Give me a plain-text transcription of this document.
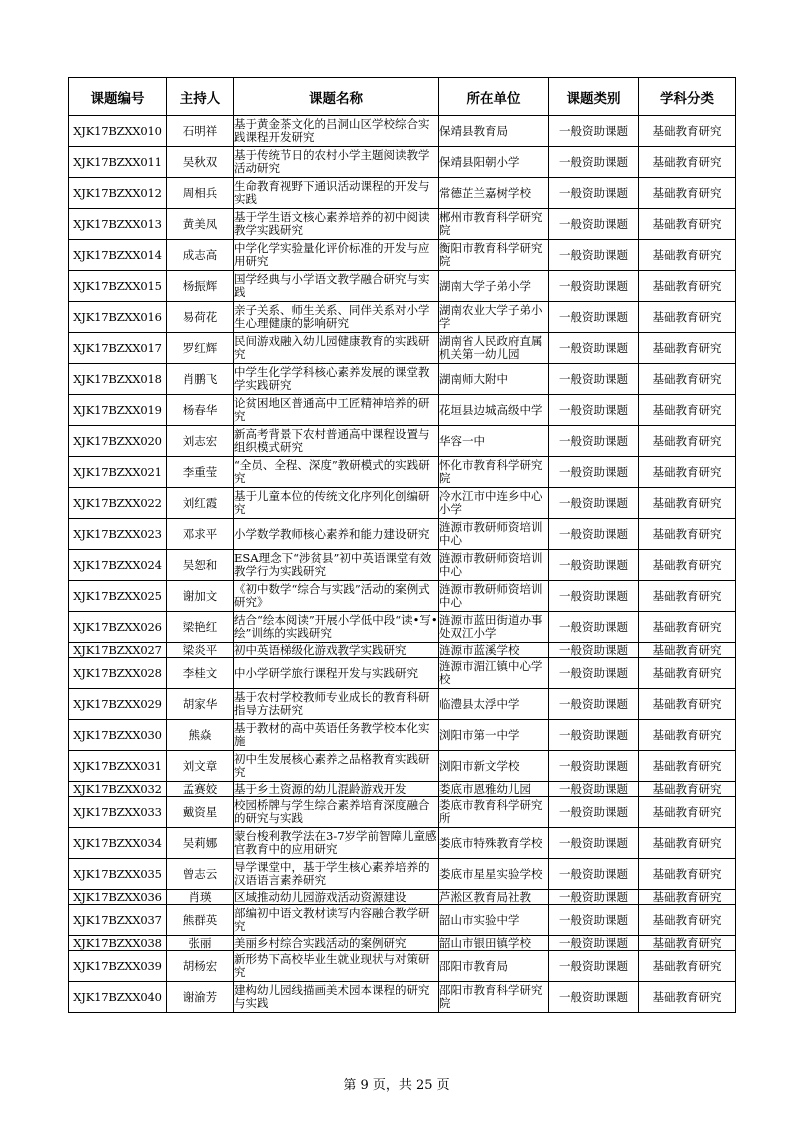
课题编号	主持人	课题名称	所在单位	课题类别	学科分类
XJK17BZXX010	石明祥	基于黄金茶文化的吕洞山区学校综合实践课程开发研究	保靖县教育局	一般资助课题	基础教育研究
XJK17BZXX011	吴秋双	基于传统节日的农村小学主题阅读教学活动研究	保靖县阳朝小学	一般资助课题	基础教育研究
XJK17BZXX012	周相兵	生命教育视野下通识活动课程的开发与实践	常德芷兰嘉树学校	一般资助课题	基础教育研究
XJK17BZXX013	黄美凤	基于学生语文核心素养培养的初中阅读教学实践研究	郴州市教育科学研究院	一般资助课题	基础教育研究
XJK17BZXX014	成志高	中学化学实验量化评价标准的开发与应用研究	衡阳市教育科学研究院	一般资助课题	基础教育研究
XJK17BZXX015	杨振辉	国学经典与小学语文教学融合研究与实践	湖南大学子弟小学	一般资助课题	基础教育研究
XJK17BZXX016	易荷花	亲子关系、师生关系、同伴关系对小学生心理健康的影响研究	湖南农业大学子弟小学	一般资助课题	基础教育研究
XJK17BZXX017	罗红辉	民间游戏融入幼儿园健康教育的实践研究	湖南省人民政府直属机关第一幼儿园	一般资助课题	基础教育研究
XJK17BZXX018	肖鹏飞	中学生化学学科核心素养发展的课堂教学实践研究	湖南师大附中	一般资助课题	基础教育研究
XJK17BZXX019	杨春华	论贫困地区普通高中工匠精神培养的研究	花垣县边城高级中学	一般资助课题	基础教育研究
XJK17BZXX020	刘志宏	新高考背景下农村普通高中课程设置与组织模式研究	华容一中	一般资助课题	基础教育研究
XJK17BZXX021	李重莹	“全员、全程、深度”教研模式的实践研究	怀化市教育科学研究院	一般资助课题	基础教育研究
XJK17BZXX022	刘红霞	基于儿童本位的传统文化序列化创编研究	冷水江市中连乡中心小学	一般资助课题	基础教育研究
XJK17BZXX023	邓求平	小学数学教师核心素养和能力建设研究	涟源市教研师资培训中心	一般资助课题	基础教育研究
XJK17BZXX024	吴恕和	ESA理念下“涉贫县”初中英语课堂有效教学行为实践研究	涟源市教研师资培训中心	一般资助课题	基础教育研究
XJK17BZXX025	谢加文	《初中数学“综合与实践”活动的案例式研究》	涟源市教研师资培训中心	一般资助课题	基础教育研究
XJK17BZXX026	梁艳红	结合“绘本阅读”开展小学低中段“读•写•绘”训练的实践研究	涟源市蓝田街道办事处双江小学	一般资助课题	基础教育研究
XJK17BZXX027	梁炎平	初中英语梯级化游戏教学实践研究	涟源市蓝溪学校	一般资助课题	基础教育研究
XJK17BZXX028	李桂文	中小学研学旅行课程开发与实践研究	涟源市湄江镇中心学校	一般资助课题	基础教育研究
XJK17BZXX029	胡家华	基于农村学校教师专业成长的教育科研指导方法研究	临澧县太浮中学	一般资助课题	基础教育研究
XJK17BZXX030	熊焱	基于教材的高中英语任务教学校本化实施	浏阳市第一中学	一般资助课题	基础教育研究
XJK17BZXX031	刘文章	初中生发展核心素养之品格教育实践研究	浏阳市新文学校	一般资助课题	基础教育研究
XJK17BZXX032	孟赛姣	基于乡土资源的幼儿混龄游戏开发	娄底市恩雅幼儿园	一般资助课题	基础教育研究
XJK17BZXX033	戴资星	校园桥牌与学生综合素养培育深度融合的研究与实践	娄底市教育科学研究所	一般资助课题	基础教育研究
XJK17BZXX034	吴莉娜	蒙台梭利教学法在3-7岁学前智障儿童感官教育中的应用研究	娄底市特殊教育学校	一般资助课题	基础教育研究
XJK17BZXX035	曾志云	导学课堂中，基于学生核心素养培养的汉语语言素养研究	娄底市星星实验学校	一般资助课题	基础教育研究
XJK17BZXX036	肖瑛	区域推动幼儿园游戏活动资源建设	芦淞区教育局社教	一般资助课题	基础教育研究
XJK17BZXX037	熊群英	部编初中语文教材读写内容融合教学研究	韶山市实验中学	一般资助课题	基础教育研究
XJK17BZXX038	张丽	美丽乡村综合实践活动的案例研究	韶山市银田镇学校	一般资助课题	基础教育研究
XJK17BZXX039	胡杨宏	新形势下高校毕业生就业现状与对策研究	邵阳市教育局	一般资助课题	基础教育研究
XJK17BZXX040	谢渝芳	建构幼儿园线描画美术园本课程的研究与实践	邵阳市教育科学研究院	一般资助课题	基础教育研究
第 9 页，共 25 页
